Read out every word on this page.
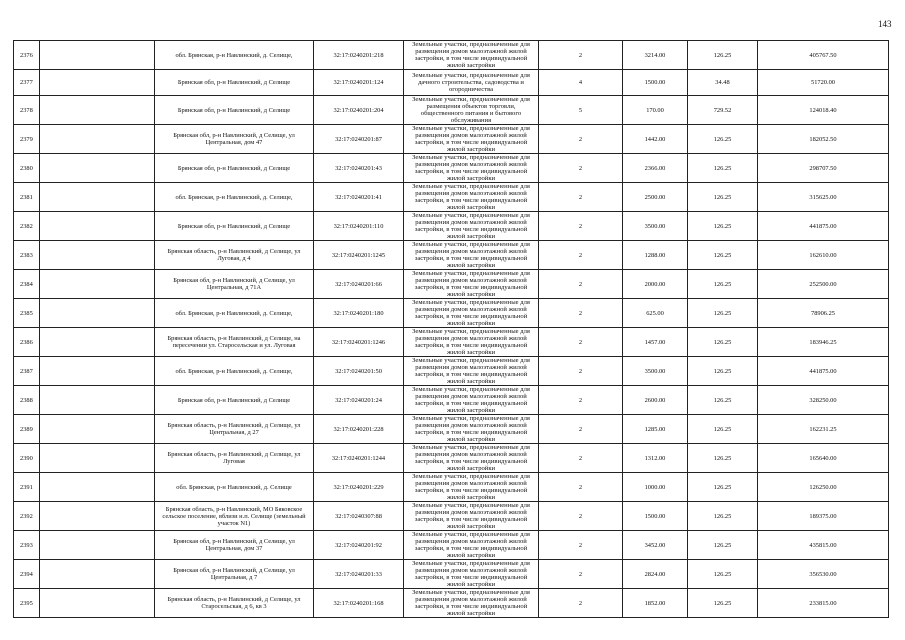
143
2376		обл. Брянская, р-н Навлинский, д. Селище,	32:17:0240201:218	Земельные участки, предназначенные для размещения домов малоэтажной жилой застройки, в том числе индивидуальной жилой застройки	2	3214.00	126.25	405767.50
2377		Брянская обл, р-н Навлинский, д Селище	32:17:0240201:124	Земельные участки, предназначенные для дачного строительства, садоводства и огородничества	4	1500.00	34.48	51720.00
2378		Брянская обл, р-н Навлинский, д Селище	32:17:0240201:204	Земельные участки, предназначенные для размещения объектов торговли, общественного питания и бытового обслуживания	5	170.00	729.52	124018.40
2379		Брянская обл, р-н Навлинский, д Селище, ул Центральная, дом 47	32:17:0240201:87	Земельные участки, предназначенные для размещения домов малоэтажной жилой застройки, в том числе индивидуальной жилой застройки	2	1442.00	126.25	182052.50
2380		Брянская обл, р-н Навлинский, д Селище	32:17:0240201:43	Земельные участки, предназначенные для размещения домов малоэтажной жилой застройки, в том числе индивидуальной жилой застройки	2	2366.00	126.25	298707.50
2381		обл. Брянская, р-н Навлинский, д. Селище,	32:17:0240201:41	Земельные участки, предназначенные для размещения домов малоэтажной жилой застройки, в том числе индивидуальной жилой застройки	2	2500.00	126.25	315625.00
2382		Брянская обл, р-н Навлинский, д Селище	32:17:0240201:110	Земельные участки, предназначенные для размещения домов малоэтажной жилой застройки, в том числе индивидуальной жилой застройки	2	3500.00	126.25	441875.00
2383		Брянская область, р-н Навлинский, д Селище, ул Луговая, д 4	32:17:0240201:1245	Земельные участки, предназначенные для размещения домов малоэтажной жилой застройки, в том числе индивидуальной жилой застройки	2	1288.00	126.25	162610.00
2384		Брянская обл, р-н Навлинский, д Селище, ул Центральная, д 71А	32:17:0240201:66	Земельные участки, предназначенные для размещения домов малоэтажной жилой застройки, в том числе индивидуальной жилой застройки	2	2000.00	126.25	252500.00
2385		обл. Брянская, р-н Навлинский, д. Селище,	32:17:0240201:180	Земельные участки, предназначенные для размещения домов малоэтажной жилой застройки, в том числе индивидуальной жилой застройки	2	625.00	126.25	78906.25
2386		Брянская область, р-н Навлинский, д Селище, на пересечении ул. Старосельская и ул. Луговая	32:17:0240201:1246	Земельные участки, предназначенные для размещения домов малоэтажной жилой застройки, в том числе индивидуальной жилой застройки	2	1457.00	126.25	183946.25
2387		обл. Брянская, р-н Навлинский, д. Селище,	32:17:0240201:50	Земельные участки, предназначенные для размещения домов малоэтажной жилой застройки, в том числе индивидуальной жилой застройки	2	3500.00	126.25	441875.00
2388		Брянская обл, р-н Навлинский, д Селище	32:17:0240201:24	Земельные участки, предназначенные для размещения домов малоэтажной жилой застройки, в том числе индивидуальной жилой застройки	2	2600.00	126.25	328250.00
2389		Брянская область, р-н Навлинский, д Селище, ул Центральная, д 27	32:17:0240201:228	Земельные участки, предназначенные для размещения домов малоэтажной жилой застройки, в том числе индивидуальной жилой застройки	2	1285.00	126.25	162231.25
2390		Брянская область, р-н Навлинский, д Селище, ул Луговая	32:17:0240201:1244	Земельные участки, предназначенные для размещения домов малоэтажной жилой застройки, в том числе индивидуальной жилой застройки	2	1312.00	126.25	165640.00
2391		обл. Брянская, р-н Навлинский, д. Селище	32:17:0240201:229	Земельные участки, предназначенные для размещения домов малоэтажной жилой застройки, в том числе индивидуальной жилой застройки	2	1000.00	126.25	126250.00
2392		Брянская область, р-н Навлинский, МО Бяковское сельское поселение, вблизи н.п. Селище (земельный участок N1)	32:17:0240307:88	Земельные участки, предназначенные для размещения домов малоэтажной жилой застройки, в том числе индивидуальной жилой застройки	2	1500.00	126.25	189375.00
2393		Брянская обл, р-н Навлинский, д Селище, ул Центральная, дом 37	32:17:0240201:92	Земельные участки, предназначенные для размещения домов малоэтажной жилой застройки, в том числе индивидуальной жилой застройки	2	3452.00	126.25	435815.00
2394		Брянская обл, р-н Навлинский, д Селище, ул Центральная, д 7	32:17:0240201:33	Земельные участки, предназначенные для размещения домов малоэтажной жилой застройки, в том числе индивидуальной жилой застройки	2	2824.00	126.25	356530.00
2395		Брянская область, р-н Навлинский, д Селище, ул Старосельская, д 6, кв 3	32:17:0240201:168	Земельные участки, предназначенные для размещения домов малоэтажной жилой застройки, в том числе индивидуальной жилой застройки	2	1852.00	126.25	233815.00
